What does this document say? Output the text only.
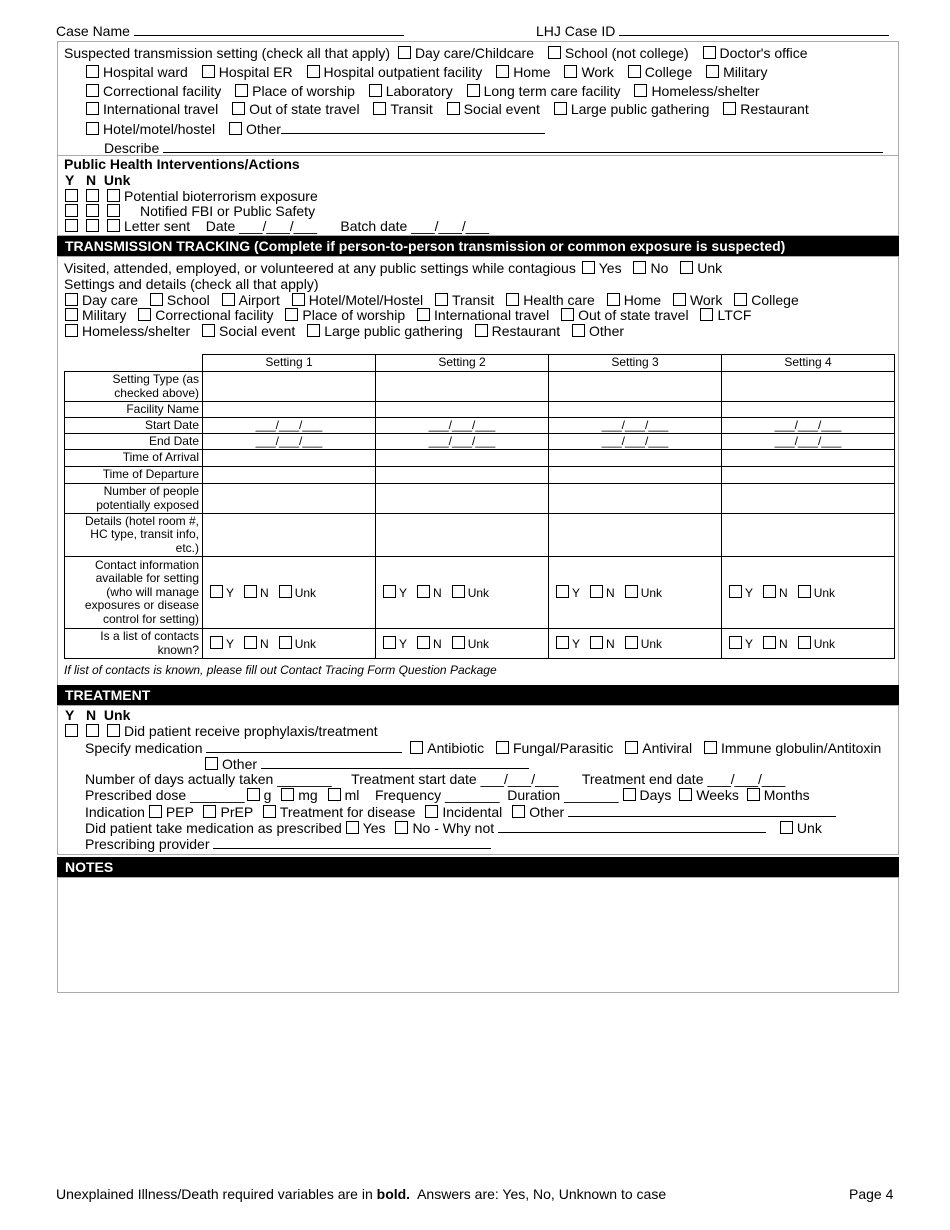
Case Name	LHJ Case ID
Suspected transmission setting (check all that apply) Day care/Childcare School (not college) Doctor's office
Hospital ward Hospital ER Hospital outpatient facility Home Work College Military
Correctional facility Place of worship Laboratory Long term care facility Homeless/shelter
International travel Out of state travel Transit Social event Large public gathering Restaurant
Hotel/motel/hostel Other
Describe
Public Health Interventions/Actions
Y N Unk
Potential bioterrorism exposure
Notified FBI or Public Safety
Letter sent Date ___/___/___      Batch date ___/___/___
TRANSMISSION TRACKING (Complete if person-to-person transmission or common exposure is suspected)
Visited, attended, employed, or volunteered at any public settings while contagious Yes No Unk
Settings and details (check all that apply)
Day care School Airport Hotel/Motel/Hostel Transit Health care Home Work College
Military Correctional facility Place of worship International travel Out of state travel LTCF
Homeless/shelter Social event Large public gathering Restaurant Other
	Setting 1	Setting 2	Setting 3	Setting 4
Setting Type (as checked above)				
Facility Name				
Start Date	___/___/___	___/___/___	___/___/___	___/___/___
End Date	___/___/___	___/___/___	___/___/___	___/___/___
Time of Arrival				
Time of Departure				
Number of people potentially exposed				
Details (hotel room #, HC type, transit info, etc.)				
Contact information available for setting (who will manage exposures or disease control for setting)	Y N Unk	Y N Unk	Y N Unk	Y N Unk
Is a list of contacts known?	Y N Unk	Y N Unk	Y N Unk	Y N Unk
If list of contacts is known, please fill out Contact Tracing Form Question Package
TREATMENT
Y N Unk
Did patient receive prophylaxis/treatment
Specify medication	Antibiotic Fungal/Parasitic Antiviral Immune globulin/Antitoxin
Other
Number of days actually taken _______     Treatment start date ___/___/___      Treatment end date ___/___/___
Prescribed dose _______ g mg ml Frequency _______  Duration _______ Days Weeks Months
Indication PEP PrEP Treatment for disease Incidental Other
Did patient take medication as prescribed Yes No - Why not	Unk
Prescribing provider
NOTES
Unexplained Illness/Death required variables are in bold.  Answers are: Yes, No, Unknown to case	Page 4
